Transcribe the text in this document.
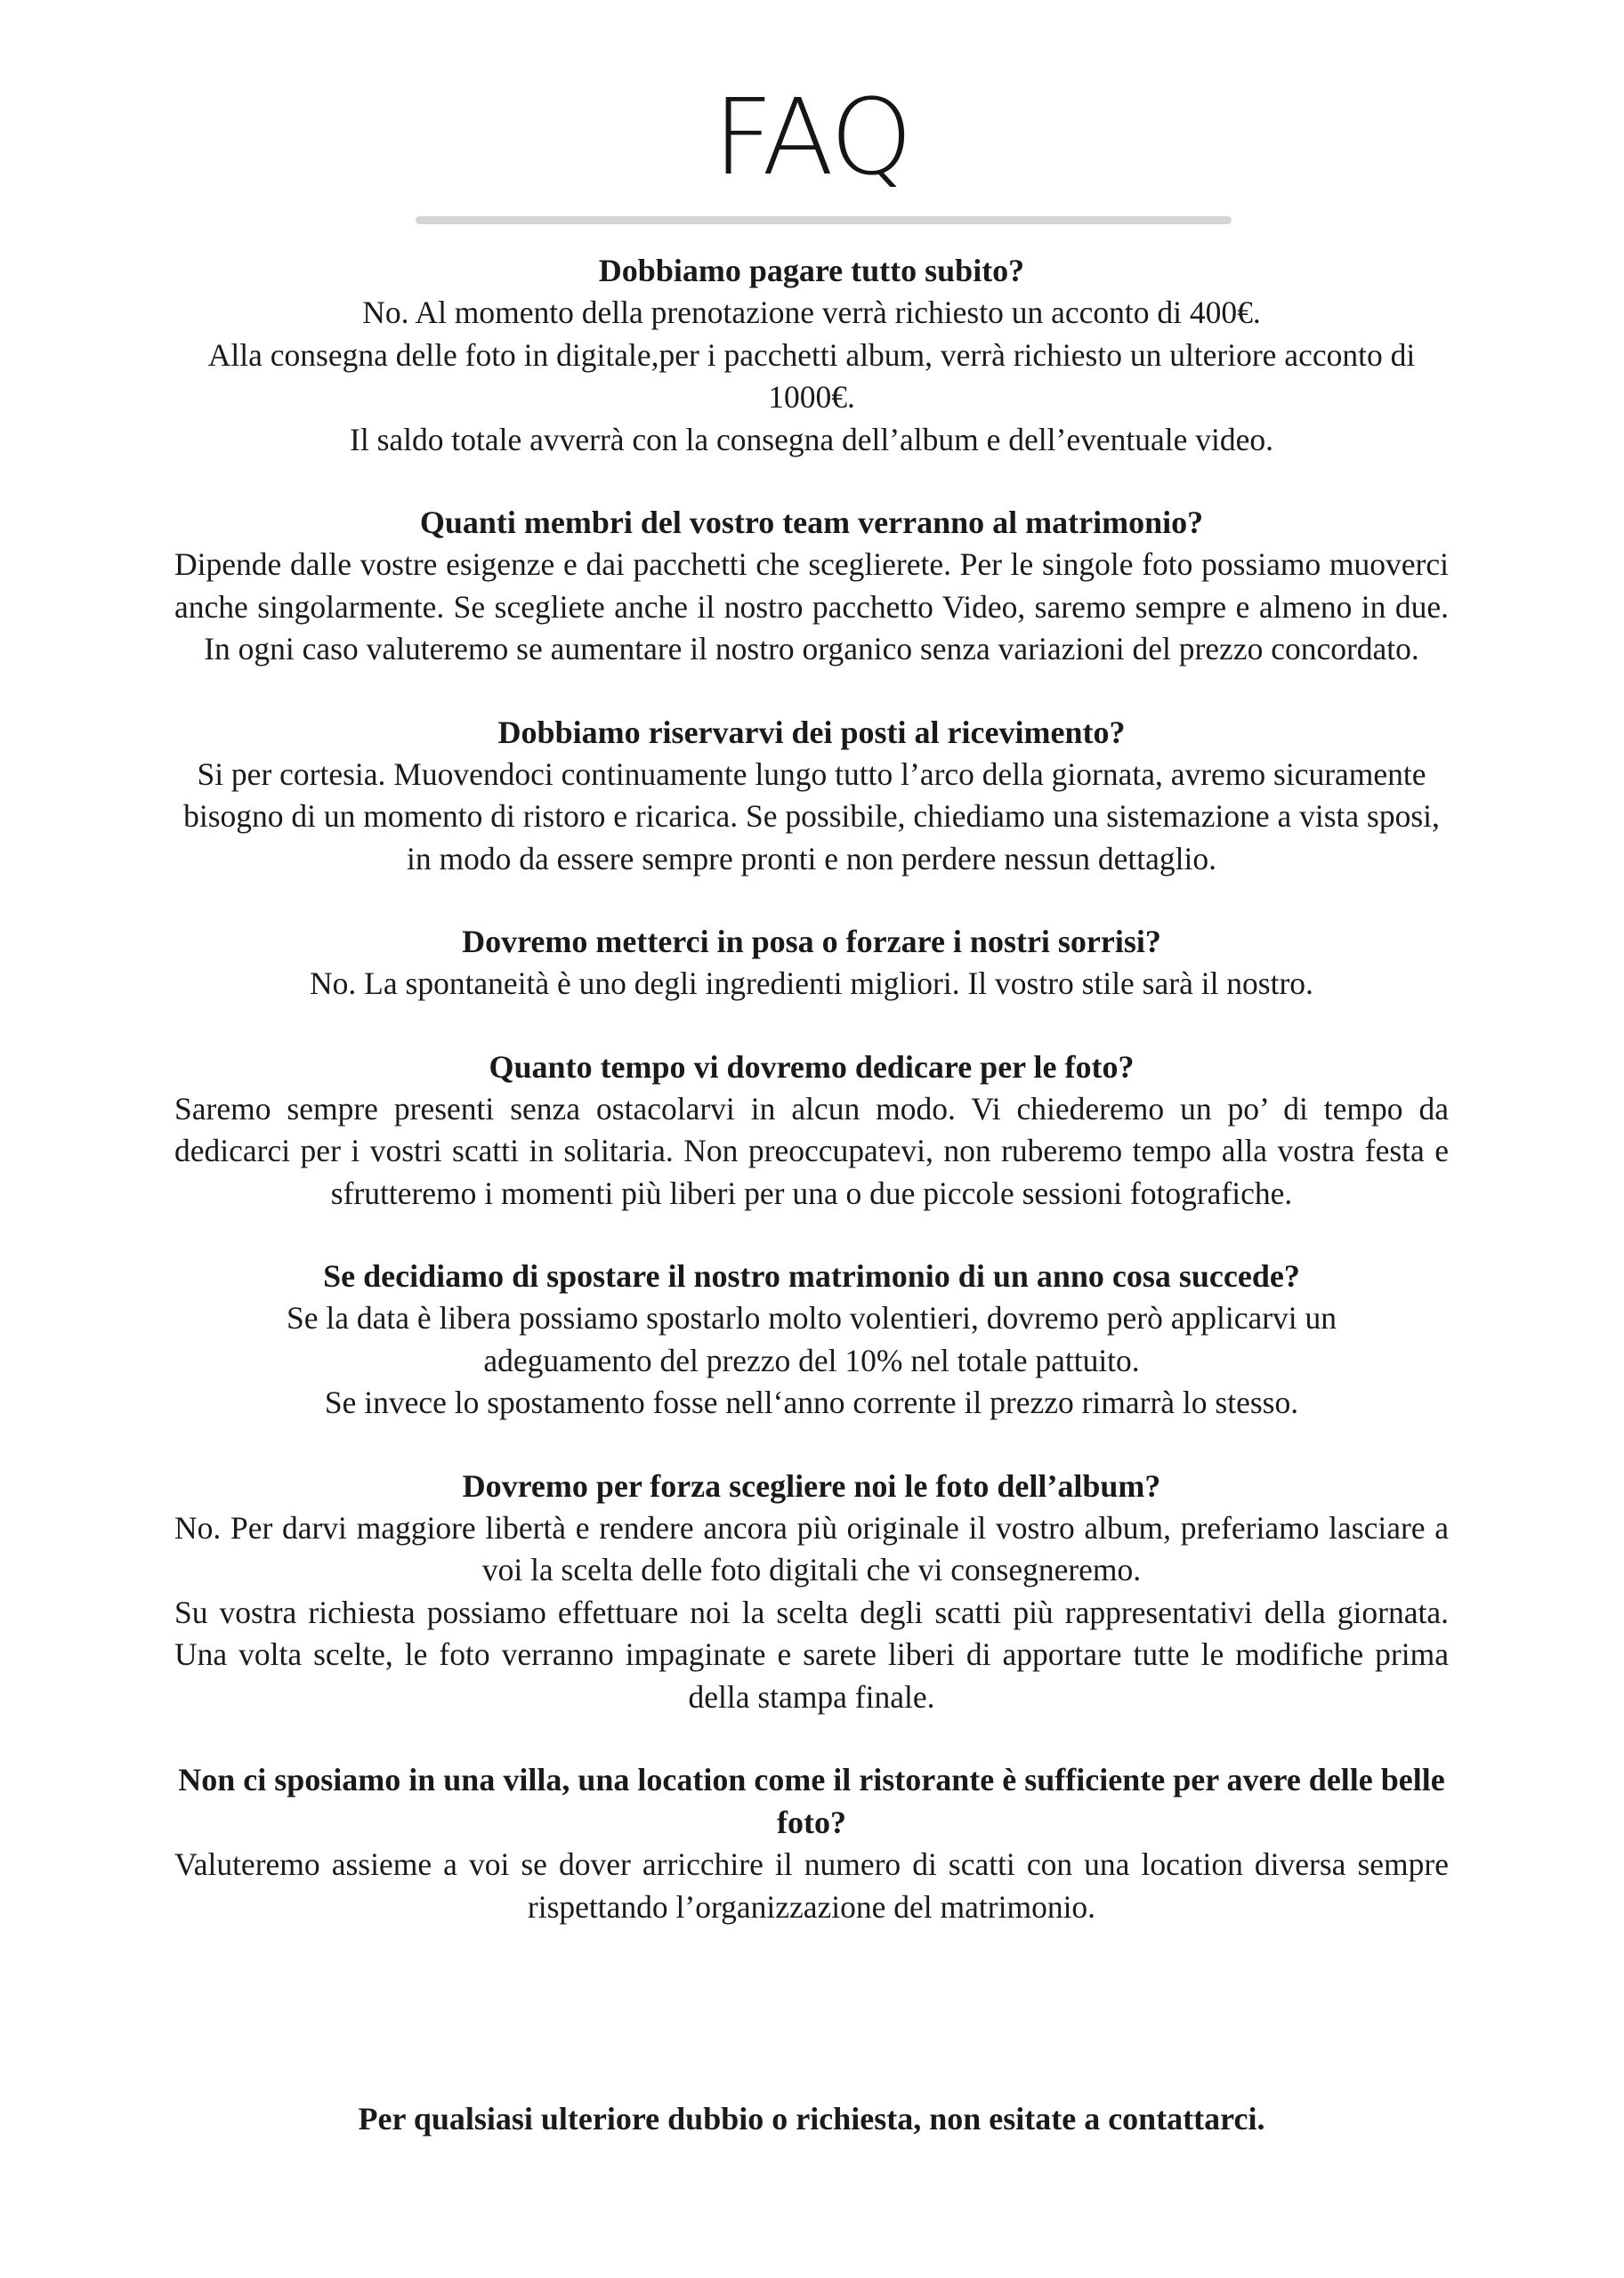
FAQ

Dobbiamo pagare tutto subito?

No. Al momento della prenotazione verrà richiesto un acconto di 400€.

Alla consegna delle foto in digitale,per i pacchetti album, verrà richiesto un ulteriore acconto di 1000€.

Il saldo totale avverrà con la consegna dell’album e dell’eventuale video.

Quanti membri del vostro team verranno al matrimonio?

Dipende dalle vostre esigenze e dai pacchetti che sceglierete. Per le singole foto possiamo muoverci anche singolarmente. Se scegliete anche il nostro pacchetto Video, saremo sempre e almeno in due. In ogni caso valuteremo se aumentare il nostro organico senza variazioni del prezzo concordato.

Dobbiamo riservarvi dei posti al ricevimento?

Si per cortesia. Muovendoci continuamente lungo tutto l’arco della giornata, avremo sicuramente bisogno di un momento di ristoro e ricarica. Se possibile, chiediamo una sistemazione a vista sposi, in modo da essere sempre pronti e non perdere nessun dettaglio.

Dovremo metterci in posa o forzare i nostri sorrisi?

No. La spontaneità è uno degli ingredienti migliori. Il vostro stile sarà il nostro.

Quanto tempo vi dovremo dedicare per le foto?

Saremo sempre presenti senza ostacolarvi in alcun modo. Vi chiederemo un po’ di tempo da dedicarci per i vostri scatti in solitaria. Non preoccupatevi, non ruberemo tempo alla vostra festa e sfrutteremo i momenti più liberi per una o due piccole sessioni fotografiche.

Se decidiamo di spostare il nostro matrimonio di un anno cosa succede?

Se la data è libera possiamo spostarlo molto volentieri, dovremo però applicarvi un adeguamento del prezzo del 10% nel totale pattuito.

Se invece lo spostamento fosse nell‘anno corrente il prezzo rimarrà lo stesso.

Dovremo per forza scegliere noi le foto dell’album?

No. Per darvi maggiore libertà e rendere ancora più originale il vostro album, preferiamo lasciare a voi la scelta delle foto digitali che vi consegneremo.

Su vostra richiesta possiamo effettuare noi la scelta degli scatti più rappresentativi della giornata. Una volta scelte, le foto verranno impaginate e sarete liberi di apportare tutte le modifiche prima della stampa finale.

Non ci sposiamo in una villa, una location come il ristorante è sufficiente per avere delle belle foto?

Valuteremo assieme a voi se dover arricchire il numero di scatti con una location diversa sempre rispettando l’organizzazione del matrimonio.

Per qualsiasi ulteriore dubbio o richiesta, non esitate a contattarci.
